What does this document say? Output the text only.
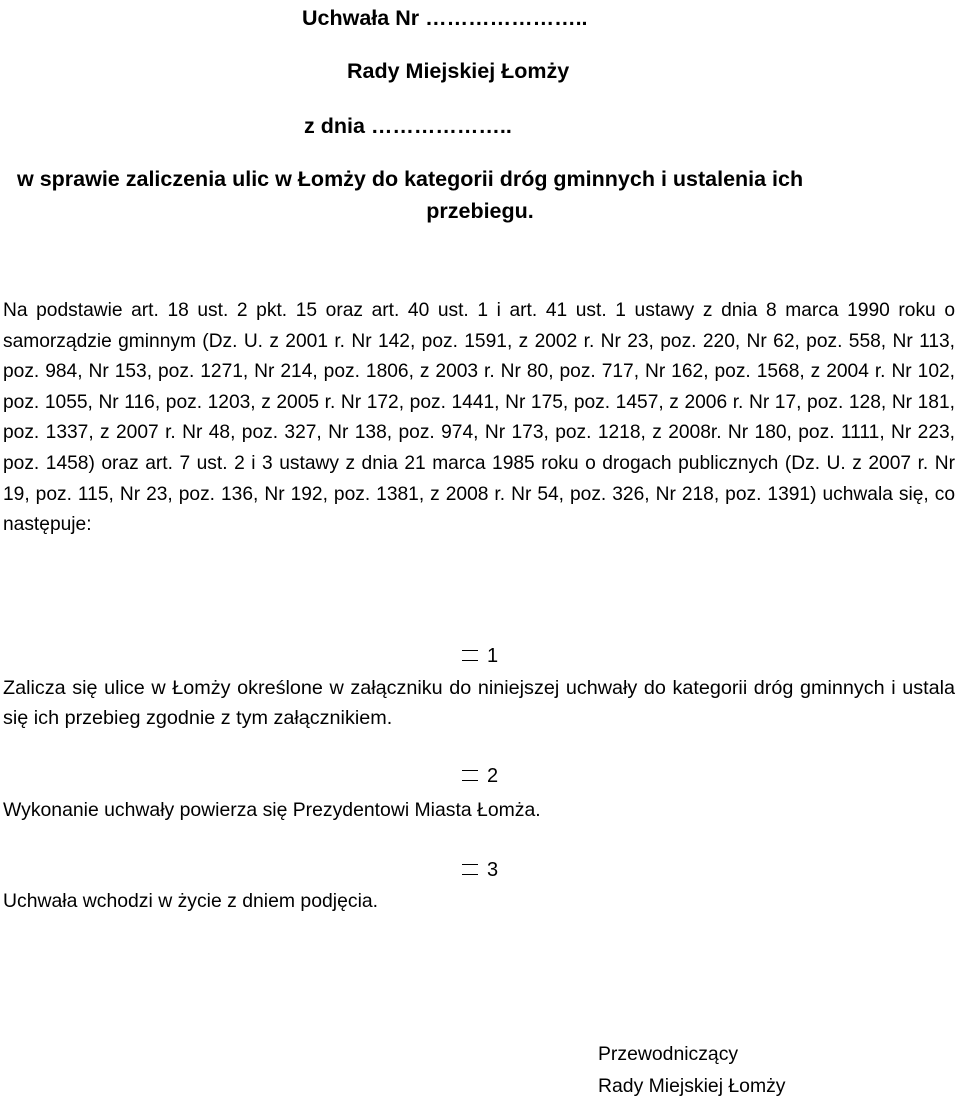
Uchwała Nr …………………..
Rady Miejskiej Łomży
z dnia ………………..
w sprawie zaliczenia ulic w Łomży do kategorii dróg gminnych i ustalenia ich
przebiegu.
Na podstawie art. 18 ust. 2 pkt. 15 oraz art. 40 ust. 1 i art. 41 ust. 1 ustawy z dnia 8 marca 1990 roku o samorządzie gminnym (Dz. U. z 2001 r. Nr 142, poz. 1591, z 2002 r. Nr 23, poz. 220, Nr 62, poz. 558, Nr 113, poz. 984, Nr 153, poz. 1271, Nr 214, poz. 1806, z 2003 r. Nr 80, poz. 717, Nr 162, poz. 1568, z 2004 r. Nr 102, poz. 1055, Nr 116, poz. 1203, z 2005 r. Nr 172, poz. 1441, Nr 175, poz. 1457, z 2006 r. Nr 17, poz. 128, Nr 181, poz. 1337, z 2007 r. Nr 48, poz. 327, Nr 138, poz. 974, Nr 173, poz. 1218, z 2008r. Nr 180, poz. 1111, Nr 223, poz. 1458) oraz art. 7 ust. 2 i 3 ustawy z dnia 21 marca 1985 roku o drogach publicznych (Dz. U. z 2007 r. Nr 19, poz. 115, Nr 23, poz. 136, Nr 192, poz. 1381, z 2008 r. Nr 54, poz. 326, Nr 218, poz. 1391) uchwala się, co następuje:
1
Zalicza się ulice w Łomży określone w załączniku do niniejszej uchwały do kategorii dróg gminnych i ustala się ich przebieg zgodnie z tym załącznikiem.
2
Wykonanie uchwały powierza się Prezydentowi Miasta Łomża.
3
Uchwała wchodzi w życie z dniem podjęcia.
Przewodniczący
Rady Miejskiej Łomży
